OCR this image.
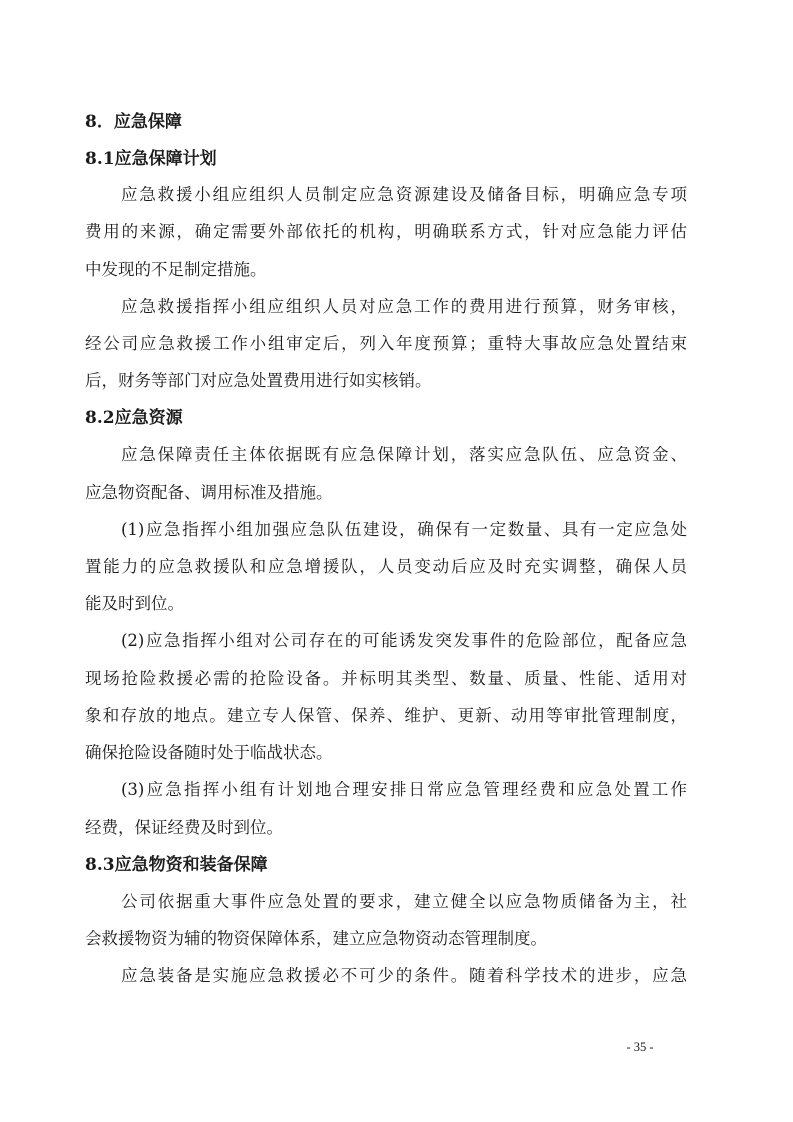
8．应急保障

8.1应急保障计划

应急救援小组应组织人员制定应急资源建设及储备目标，明确应急专项

费用的来源，确定需要外部依托的机构，明确联系方式，针对应急能力评估

中发现的不足制定措施。

应急救援指挥小组应组织人员对应急工作的费用进行预算，财务审核，

经公司应急救援工作小组审定后，列入年度预算；重特大事故应急处置结束

后，财务等部门对应急处置费用进行如实核销。

8.2应急资源

应急保障责任主体依据既有应急保障计划，落实应急队伍、应急资金、

应急物资配备、调用标准及措施。

(1)应急指挥小组加强应急队伍建设，确保有一定数量、具有一定应急处

置能力的应急救援队和应急增援队，人员变动后应及时充实调整，确保人员

能及时到位。

(2)应急指挥小组对公司存在的可能诱发突发事件的危险部位，配备应急

现场抢险救援必需的抢险设备。并标明其类型、数量、质量、性能、适用对

象和存放的地点。建立专人保管、保养、维护、更新、动用等审批管理制度，

确保抢险设备随时处于临战状态。

(3)应急指挥小组有计划地合理安排日常应急管理经费和应急处置工作

经费，保证经费及时到位。

8.3应急物资和装备保障

公司依据重大事件应急处置的要求，建立健全以应急物质储备为主，社

会救援物资为辅的物资保障体系，建立应急物资动态管理制度。

应急装备是实施应急救援必不可少的条件。随着科学技术的进步，应急

- 35 -
